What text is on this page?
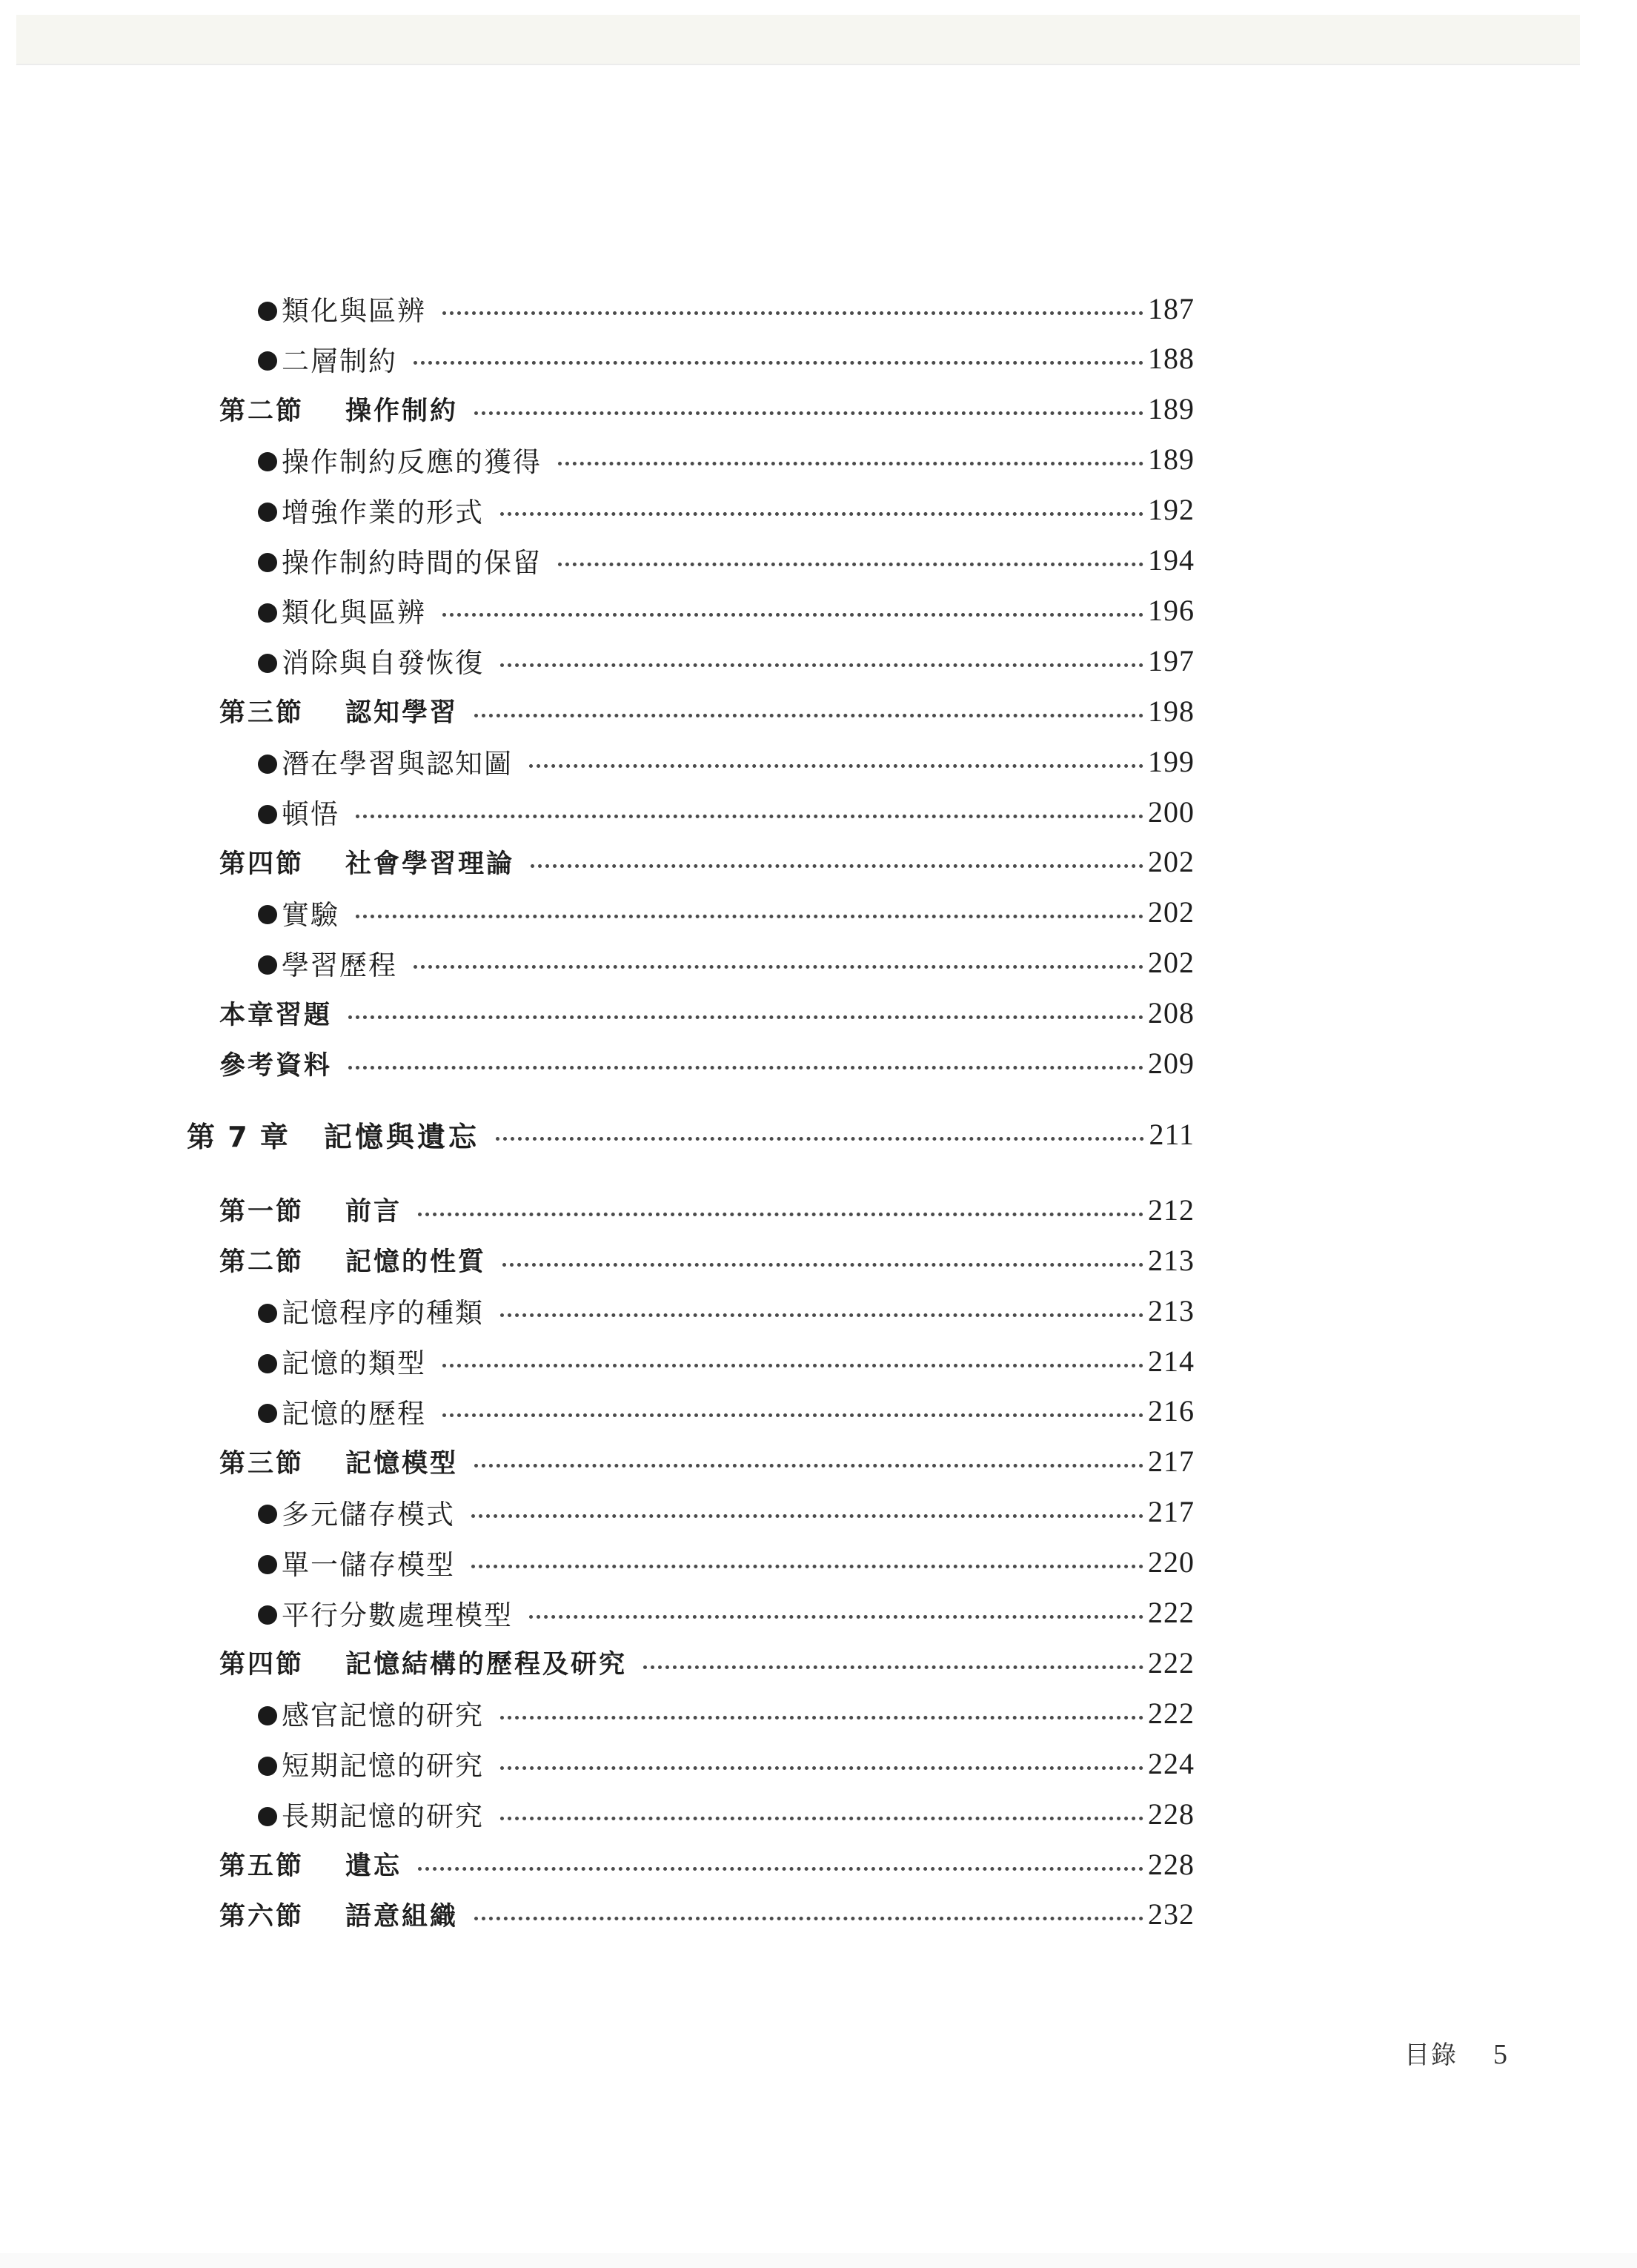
類化與區辨	187
二層制約	188
第二節 操作制約	189
操作制約反應的獲得	189
增強作業的形式	192
操作制約時間的保留	194
類化與區辨	196
消除與自發恢復	197
第三節 認知學習	198
潛在學習與認知圖	199
頓悟	200
第四節 社會學習理論	202
實驗	202
學習歷程	202
本章習題	208
參考資料	209
第 7 章 記憶與遺忘	211
第一節 前言	212
第二節 記憶的性質	213
記憶程序的種類	213
記憶的類型	214
記憶的歷程	216
第三節 記憶模型	217
多元儲存模式	217
單一儲存模型	220
平行分數處理模型	222
第四節 記憶結構的歷程及研究	222
感官記憶的研究	222
短期記憶的研究	224
長期記憶的研究	228
第五節 遺忘	228
第六節 語意組織	232
目錄 5
